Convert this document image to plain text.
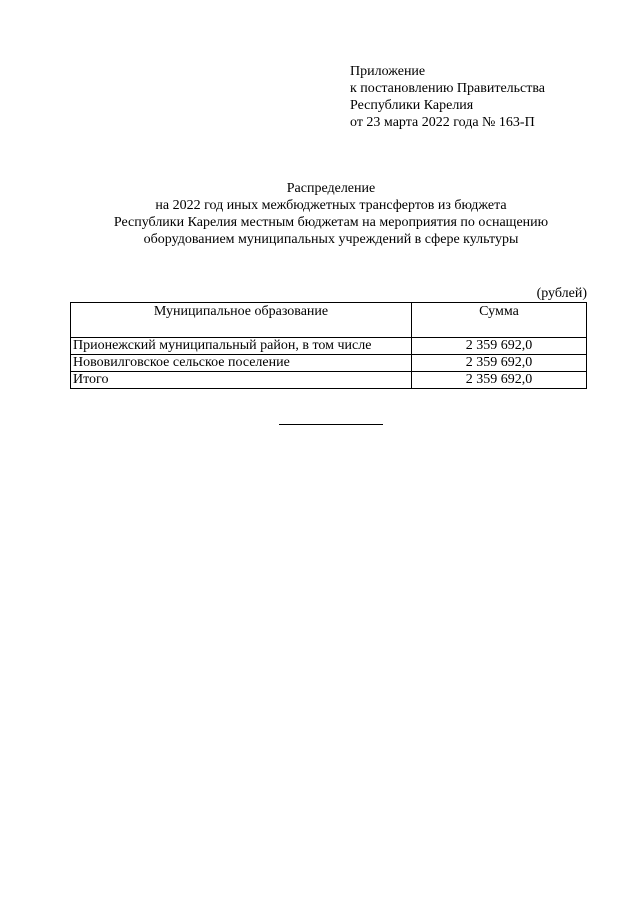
Приложение
к постановлению Правительства
Республики Карелия
от 23 марта 2022 года № 163-П
Распределение
на 2022 год иных межбюджетных трансфертов из бюджета
Республики Карелия местным бюджетам на мероприятия по оснащению
оборудованием муниципальных учреждений в сфере культуры
(рублей)
Муниципальное образование	Сумма
Прионежский муниципальный район, в том числе	2 359 692,0
Нововилговское сельское поселение	2 359 692,0
Итого	2 359 692,0
